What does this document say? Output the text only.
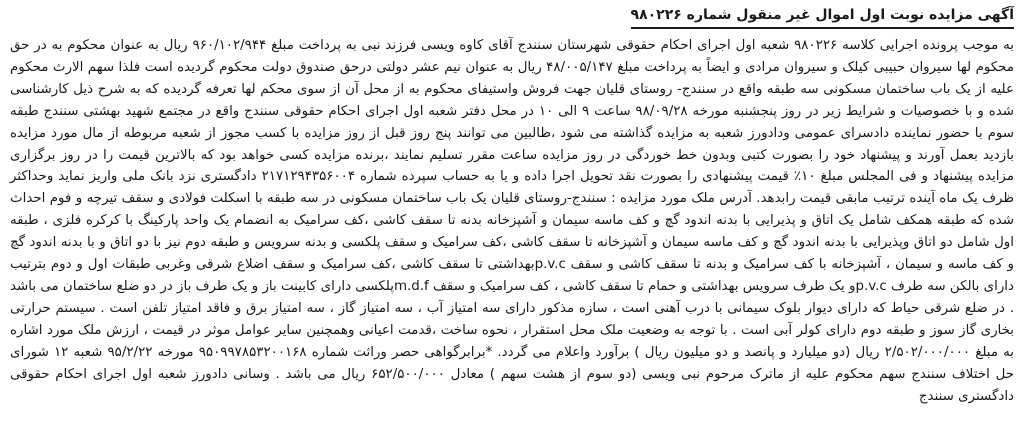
آگهی مزایده نوبت اول اموال غیر منقول شماره ۹۸۰۲۲۶

به موجب پرونده اجرایی کلاسه ۹۸۰۲۲۶ شعبه اول اجرای احکام حقوقی شهرستان سنندج آقای کاوه ویسی فرزند نبی به پرداخت مبلغ ۹۶۰/۱۰۲/۹۴۴ ریال به عنوان محکوم به در حق محکوم لها سیروان حبیبی کیلک و سیروان مرادی و ایضاً به پرداخت مبلغ ۴۸/۰۰۵/۱۴۷ ریال به عنوان نیم عشر دولتی درحق صندوق دولت محکوم گردیده است فلذا سهم الارث محکوم علیه از یک باب ساختمان مسکونی سه طبقه واقع در سنندج- روستای قلیان جهت فروش واستیفای محکوم به از محل آن از سوی محکم لها تعرفه گردیده که به شرح ذیل کارشناسی شده و با خصوصیات و شرایط زیر در روز پنجشنبه مورخه ۹۸/۰۹/۲۸ ساعت ۹ الی ۱۰ در محل دفتر شعبه اول اجرای احکام حقوقی سنندج واقع در مجتمع شهید بهشتی سنندج طبقه سوم با حضور نماینده دادسرای عمومی ودادورز شعبه به مزایده گذاشته می شود ،طالبین می توانند پنج روز قبل از روز مزایده با کسب مجوز از شعبه مربوطه از مال مورد مزایده بازدید بعمل آورند و پیشنهاد خود را بصورت کتبی وبدون خط خوردگی در روز مزایده ساعت مقرر تسلیم نمایند ،برنده مزایده کسی خواهد بود که بالاترین قیمت را در روز برگزاری مزایده پیشنهاد و فی المجلس مبلغ ۱۰٪ قیمت پیشنهادی را بصورت نقد تحویل اجرا داده و یا به حساب سپرده شماره ۲۱۷۱۲۹۴۳۵۶۰۰۴ دادگستری نزد بانک ملی واریز نماید وحداکثر ظرف یک ماه آینده ترتیب مابقی قیمت رابدهد. آدرس ملک مورد مزایده : سنندج-روستای قلیان یک باب ساختمان مسکونی در سه طبقه با اسکلت فولادی و سقف تیرچه و فوم احداث شده که طبقه همکف شامل یک اتاق و پذیرایی با بدنه اندود گچ و کف ماسه سیمان و آشپزخانه بدنه تا سقف کاشی ،کف سرامیک به انضمام یک واحد پارکینگ با کرکره فلزی ، طبقه اول شامل دو اتاق وپذیرایی با بدنه اندود گچ و کف ماسه سیمان و آشپزخانه تا سقف کاشی ،کف سرامیک و سقف پلکسی و بدنه سرویس و طبقه دوم نیز با دو اتاق و با بدنه اندود گچ و کف ماسه و سیمان ، آشپزخانه با کف سرامیک و بدنه تا سقف کاشی و سقف p.v.cبهداشتی تا سقف کاشی ،کف سرامیک و سقف اضلاع شرقی وغربی طبقات اول و دوم بترتیب دارای بالکن سه طرف p.v.cو یک طرف سرویس بهداشتی و حمام تا سقف کاشی ، کف سرامیک و سقف m.d.fپلکسی دارای کابینت باز و یک طرف باز در دو ضلع ساختمان می باشد . در ضلع شرقی حیاط که دارای دیوار بلوک سیمانی با درب آهنی است ، سازه مذکور دارای سه امتیاز آب ، سه امتیاز گاز ، سه امتیاز برق و فاقد امتیاز تلفن است . سیستم حرارتی بخاری گاز سوز و طبقه دوم دارای کولر آبی است . با توجه به وضعیت ملک محل استقرار ، نحوه ساخت ،قدمت اعیانی وهمچنین سایر عوامل موثر در قیمت ، ارزش ملک مورد اشاره به مبلغ ۲/۵۰۲/۰۰۰/۰۰۰ ریال (دو میلیارد و پانصد و دو میلیون ریال ) برآورد واعلام می گردد. *برابرگواهی حصر وراثت شماره ۹۵۰۹۹۷۸۵۳۲۰۰۱۶۸ مورخه ۹۵/۲/۲۲ شعبه ۱۲ شورای حل اختلاف سنندج سهم محکوم علیه از ماترک مرحوم نبی ویسی (دو سوم از هشت سهم ) معادل ۶۵۲/۵۰۰/۰۰۰ ریال می باشد . وسانی دادورز شعبه اول اجرای احکام حقوقی دادگستری سنندج
